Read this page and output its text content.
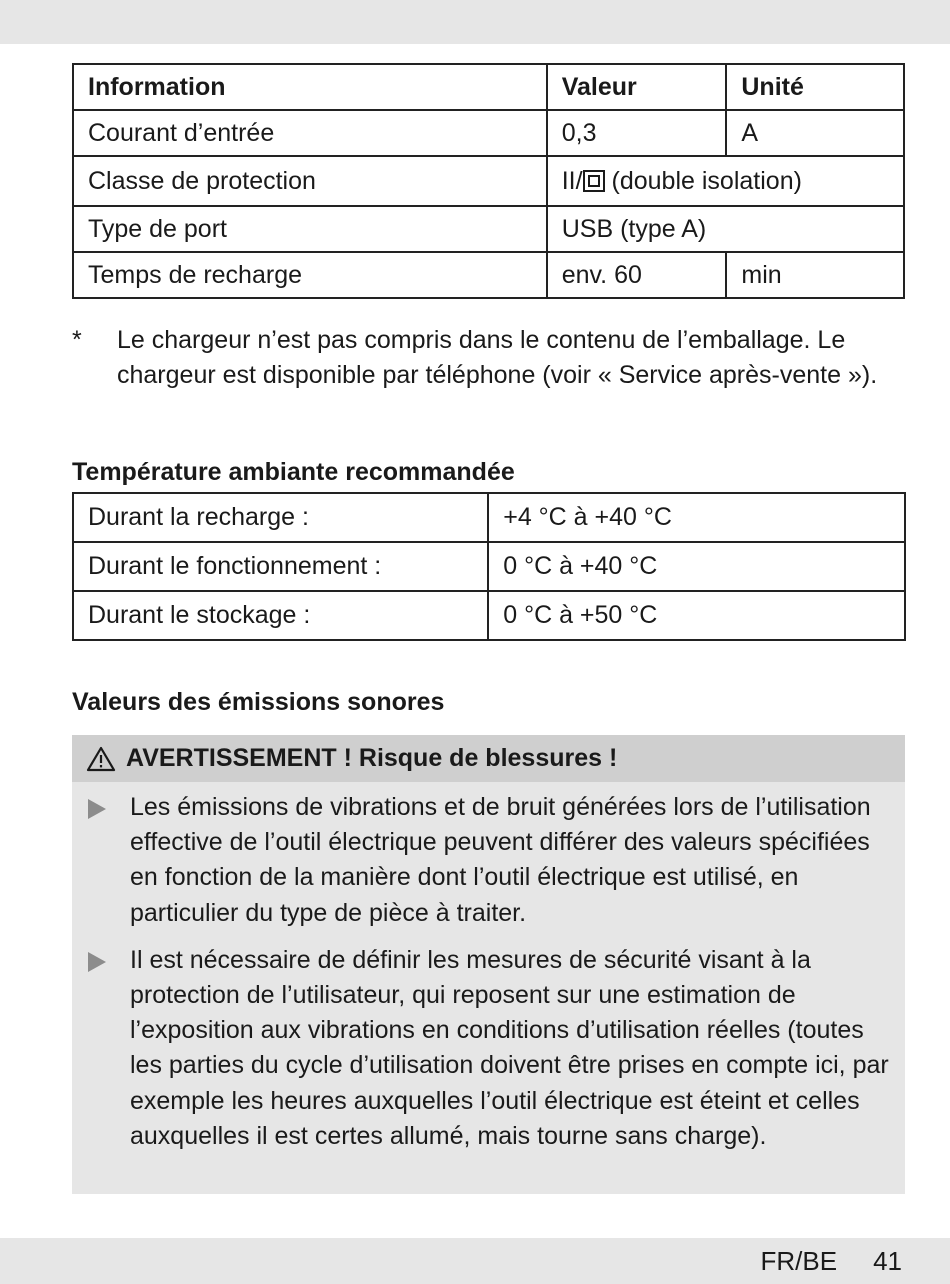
Information	Valeur	Unité
Courant d’entrée	0,3	A
Classe de protection	II/ (double isolation)	
Type de port	USB (type A)	
Temps de recharge	env. 60	min
* Le chargeur n’est pas compris dans le contenu de l’emballage. Le chargeur est disponible par téléphone (voir « Service après-vente »).
Température ambiante recommandée
Durant la recharge :	+4 °C à +40 °C
Durant le fonctionnement :	0 °C à +40 °C
Durant le stockage :	0 °C à +50 °C
Valeurs des émissions sonores
AVERTISSEMENT ! Risque de blessures !
Les émissions de vibrations et de bruit générées lors de l’utilisation effective de l’outil électrique peuvent différer des valeurs spécifiées en fonction de la manière dont l’outil électrique est utilisé, en particulier du type de pièce à traiter.
Il est nécessaire de définir les mesures de sécurité visant à la protection de l’utilisateur, qui reposent sur une estimation de l’exposition aux vibrations en conditions d’utilisation réelles (toutes les parties du cycle d’utilisation doivent être prises en compte ici, par exemple les heures auxquelles l’outil électrique est éteint et celles auxquelles il est certes allumé, mais tourne sans charge).
FR/BE 41
